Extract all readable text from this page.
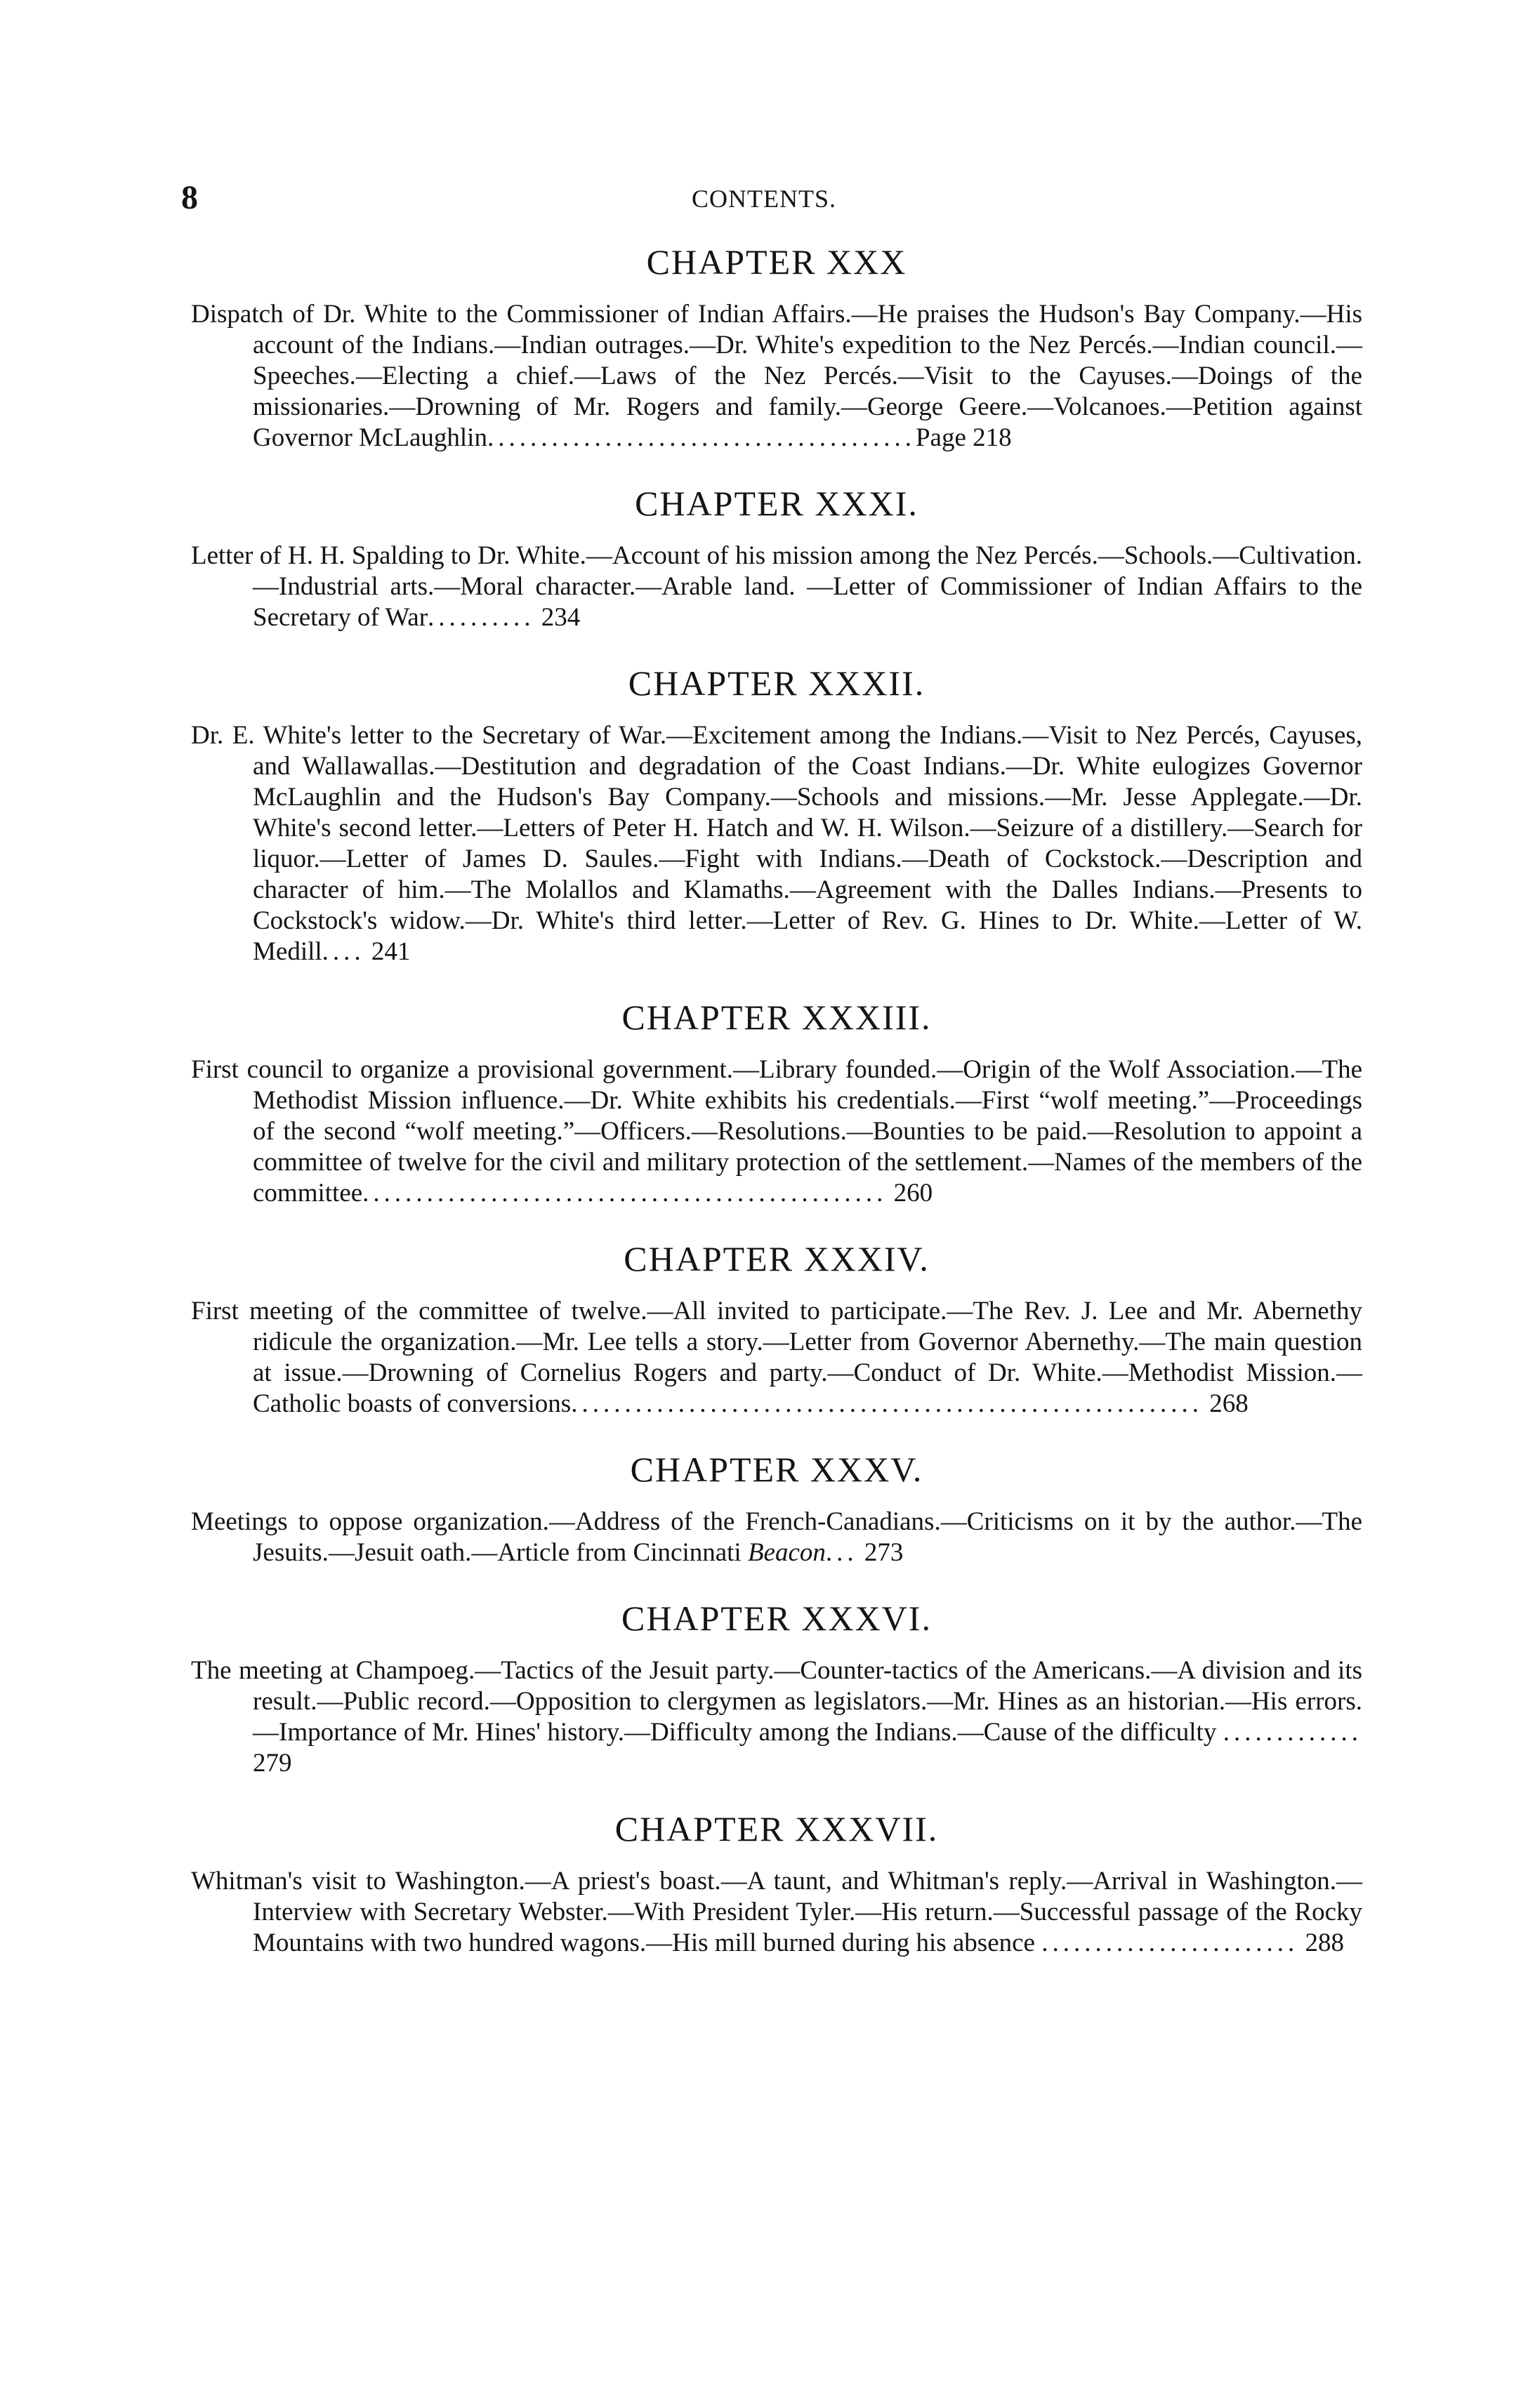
8	CONTENTS.
CHAPTER XXX

Dispatch of Dr. White to the Commissioner of Indian Affairs.—He praises the Hudson's Bay Company.—His account of the Indians.—Indian outrages.—Dr. White's expedition to the Nez Percés.—Indian council.—Speeches.—Electing a chief.—Laws of the Nez Percés.—Visit to the Cayuses.—Doings of the missionaries.—Drowning of Mr. Rogers and family.—George Geere.—Volcanoes.—Petition against Governor McLaughlin........................................Page 218

CHAPTER XXXI.

Letter of H. H. Spalding to Dr. White.—Account of his mission among the Nez Percés.—Schools.—Cultivation.—Industrial arts.—Moral character.—Arable land. —Letter of Commissioner of Indian Affairs to the Secretary of War.......... 234

CHAPTER XXXII.

Dr. E. White's letter to the Secretary of War.—Excitement among the Indians.—Visit to Nez Percés, Cayuses, and Wallawallas.—Destitution and degradation of the Coast Indians.—Dr. White eulogizes Governor McLaughlin and the Hudson's Bay Company.—Schools and missions.—Mr. Jesse Applegate.—Dr. White's second letter.—Letters of Peter H. Hatch and W. H. Wilson.—Seizure of a distillery.—Search for liquor.—Letter of James D. Saules.—Fight with Indians.—Death of Cockstock.—Description and character of him.—The Molallos and Klamaths.—Agreement with the Dalles Indians.—Presents to Cockstock's widow.—Dr. White's third letter.—Letter of Rev. G. Hines to Dr. White.—Letter of W. Medill.... 241

CHAPTER XXXIII.

First council to organize a provisional government.—Library founded.—Origin of the Wolf Association.—The Methodist Mission influence.—Dr. White exhibits his credentials.—First “wolf meeting.”—Proceedings of the second “wolf meeting.”—Officers.—Resolutions.—Bounties to be paid.—Resolution to appoint a committee of twelve for the civil and military protection of the settlement.—Names of the members of the committee................................................. 260

CHAPTER XXXIV.

First meeting of the committee of twelve.—All invited to participate.—The Rev. J. Lee and Mr. Abernethy ridicule the organization.—Mr. Lee tells a story.—Letter from Governor Abernethy.—The main question at issue.—Drowning of Cornelius Rogers and party.—Conduct of Dr. White.—Methodist Mission.—Catholic boasts of conversions........................................................... 268

CHAPTER XXXV.

Meetings to oppose organization.—Address of the French-Canadians.—Criticisms on it by the author.—The Jesuits.—Jesuit oath.—Article from Cincinnati Beacon... 273

CHAPTER XXXVI.

The meeting at Champoeg.—Tactics of the Jesuit party.—Counter-tactics of the Americans.—A division and its result.—Public record.—Opposition to clergymen as legislators.—Mr. Hines as an historian.—His errors.—Importance of Mr. Hines' history.—Difficulty among the Indians.—Cause of the difficulty ............. 279

CHAPTER XXXVII.

Whitman's visit to Washington.—A priest's boast.—A taunt, and Whitman's reply.—Arrival in Washington.—Interview with Secretary Webster.—With President Tyler.—His return.—Successful passage of the Rocky Mountains with two hundred wagons.—His mill burned during his absence ........................ 288
